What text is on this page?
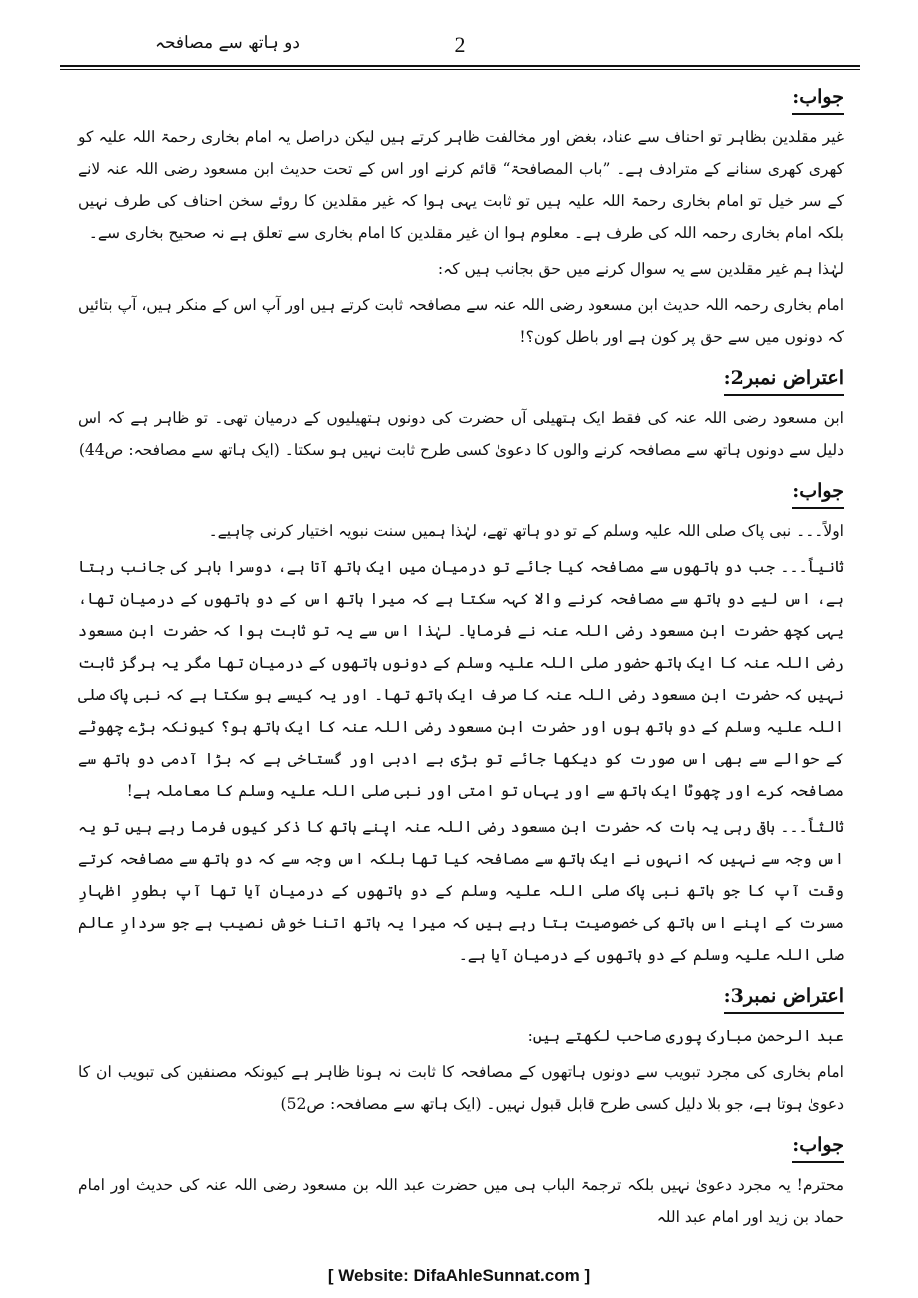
دو ہاتھ سے مصافحہ	2
جواب:

غیر مقلدین بظاہر تو احناف سے عناد، بغض اور مخالفت ظاہر کرتے ہیں لیکن دراصل یہ امام بخاری رحمۃ اللہ علیہ کو کھری کھری سنانے کے مترادف ہے۔ ”باب المصافحۃ“ قائم کرنے اور اس کے تحت حدیث ابن مسعود رضی اللہ عنہ لانے کے سر خیل تو امام بخاری رحمۃ اللہ علیہ ہیں تو ثابت یہی ہوا کہ غیر مقلدین کا روئے سخن احناف کی طرف نہیں بلکہ امام بخاری رحمہ اللہ کی طرف ہے۔ معلوم ہوا ان غیر مقلدین کا امام بخاری سے تعلق ہے نہ صحیح بخاری سے۔

لہٰذا ہم غیر مقلدین سے یہ سوال کرنے میں حق بجانب ہیں کہ:

امام بخاری رحمہ اللہ حدیث ابن مسعود رضی اللہ عنہ سے مصافحہ ثابت کرتے ہیں اور آپ اس کے منکر ہیں، آپ بتائیں کہ دونوں میں سے حق پر کون ہے اور باطل کون؟!

اعتراض نمبر2:

ابن مسعود رضی اللہ عنہ کی فقط ایک ہتھیلی آں حضرت کی دونوں ہتھیلیوں کے درمیان تھی۔ تو ظاہر ہے کہ اس دلیل سے دونوں ہاتھ سے مصافحہ کرنے والوں کا دعویٰ کسی طرح ثابت نہیں ہو سکتا۔ (ایک ہاتھ سے مصافحہ: ص44)

جواب:

اولاً۔۔۔ نبی پاک صلی اللہ علیہ وسلم کے تو دو ہاتھ تھے، لہٰذا ہمیں سنت نبویہ اختیار کرنی چاہیے۔

ثانیاً۔۔۔ جب دو ہاتھوں سے مصافحہ کیا جائے تو درمیان میں ایک ہاتھ آتا ہے، دوسرا باہر کی جانب رہتا ہے، اس لیے دو ہاتھ سے مصافحہ کرنے والا کہہ سکتا ہے کہ میرا ہاتھ اس کے دو ہاتھوں کے درمیان تھا، یہی کچھ حضرت ابن مسعود رضی اللہ عنہ نے فرمایا۔ لہٰذا اس سے یہ تو ثابت ہوا کہ حضرت ابن مسعود رضی اللہ عنہ کا ایک ہاتھ حضور صلی اللہ علیہ وسلم کے دونوں ہاتھوں کے درمیان تھا مگر یہ ہرگز ثابت نہیں کہ حضرت ابن مسعود رضی اللہ عنہ کا صرف ایک ہاتھ تھا۔ اور یہ کیسے ہو سکتا ہے کہ نبی پاک صلی اللہ علیہ وسلم کے دو ہاتھ ہوں اور حضرت ابن مسعود رضی اللہ عنہ کا ایک ہاتھ ہو؟ کیونکہ بڑے چھوٹے کے حوالے سے بھی اس صورت کو دیکھا جائے تو بڑی بے ادبی اور گستاخی ہے کہ بڑا آدمی دو ہاتھ سے مصافحہ کرے اور چھوٹا ایک ہاتھ سے اور یہاں تو امتی اور نبی صلی اللہ علیہ وسلم کا معاملہ ہے!

ثالثاً۔۔۔ باقی رہی یہ بات کہ حضرت ابن مسعود رضی اللہ عنہ اپنے ہاتھ کا ذکر کیوں فرما رہے ہیں تو یہ اس وجہ سے نہیں کہ انہوں نے ایک ہاتھ سے مصافحہ کیا تھا بلکہ اس وجہ سے کہ دو ہاتھ سے مصافحہ کرتے وقت آپ کا جو ہاتھ نبی پاک صلی اللہ علیہ وسلم کے دو ہاتھوں کے درمیان آیا تھا آپ بطورِ اظہارِ مسرت کے اپنے اس ہاتھ کی خصوصیت بتا رہے ہیں کہ میرا یہ ہاتھ اتنا خوش نصیب ہے جو سردارِ عالم صلی اللہ علیہ وسلم کے دو ہاتھوں کے درمیان آیا ہے۔

اعتراض نمبر3:

عبد الرحمن مبارک پوری صاحب لکھتے ہیں:

امام بخاری کی مجرد تبویب سے دونوں ہاتھوں کے مصافحہ کا ثابت نہ ہونا ظاہر ہے کیونکہ مصنفین کی تبویب ان کا دعویٰ ہوتا ہے، جو بلا دلیل کسی طرح قابل قبول نہیں۔ (ایک ہاتھ سے مصافحہ: ص52)

جواب:

محترم! یہ مجرد دعویٰ نہیں بلکہ ترجمۃ الباب ہی میں حضرت عبد اللہ بن مسعود رضی اللہ عنہ کی حدیث اور امام حماد بن زید اور امام عبد اللہ

[ Website: DifaAhleSunnat.com ]
